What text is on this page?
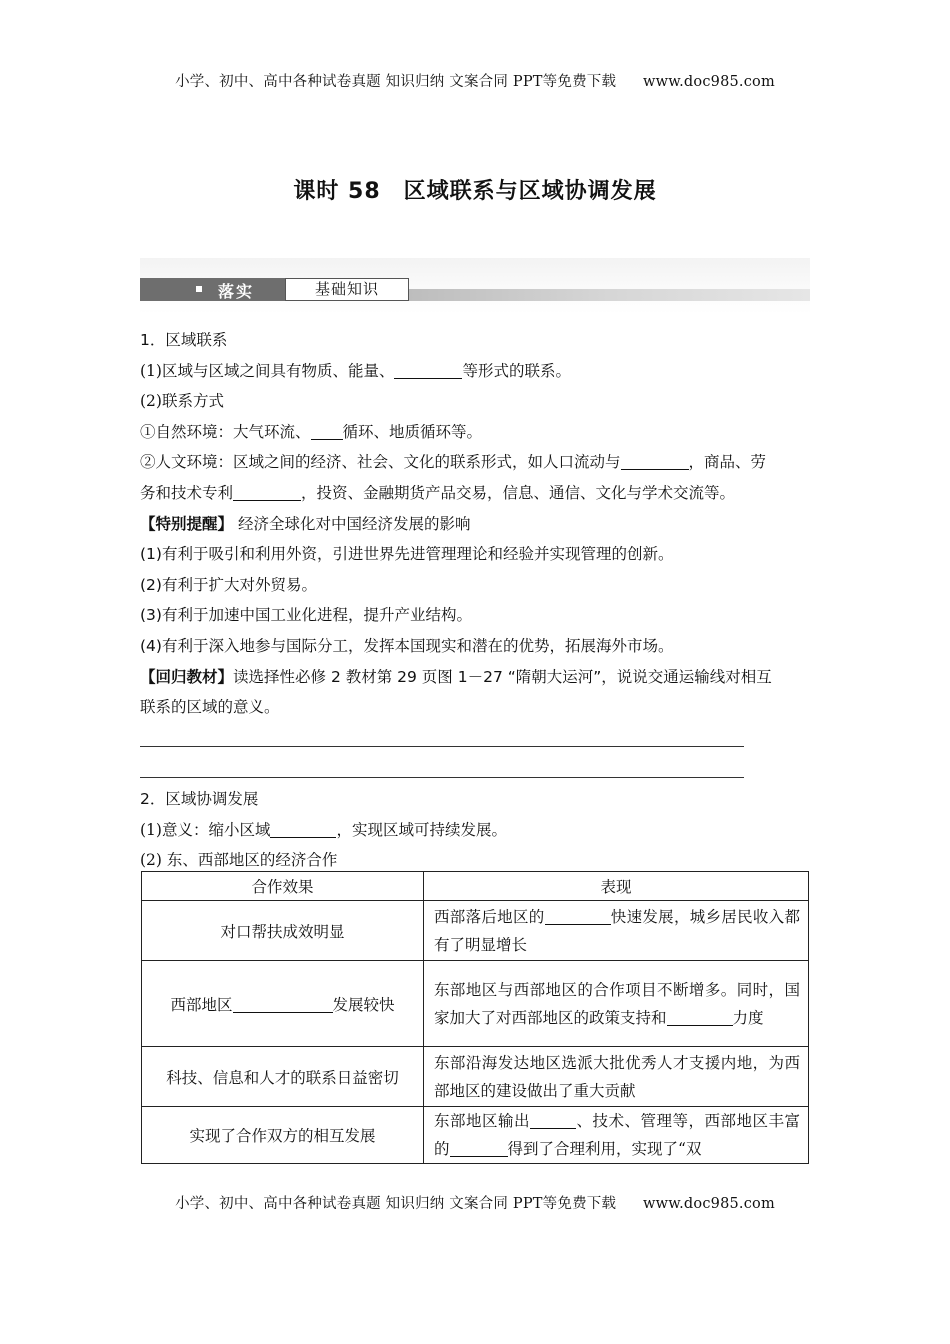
小学、初中、高中各种试卷真题 知识归纳 文案合同 PPT等免费下载 www.doc985.com
课时 58　区域联系与区域协调发展
落实	基础知识
1．区域联系
(1)区域与区域之间具有物质、能量、	等形式的联系。
(2)联系方式
①自然环境：大气环流、 循环、地质循环等。
②人文环境：区域之间的经济、社会、文化的联系形式，如人口流动与	，商品、劳
务和技术专利	，投资、金融期货产品交易，信息、通信、文化与学术交流等。
【特别提醒】 经济全球化对中国经济发展的影响
(1)有利于吸引和利用外资，引进世界先进管理理论和经验并实现管理的创新。
(2)有利于扩大对外贸易。
(3)有利于加速中国工业化进程，提升产业结构。
(4)有利于深入地参与国际分工，发挥本国现实和潜在的优势，拓展海外市场。
【回归教材】读选择性必修 2 教材第 29 页图 1－27 “隋朝大运河”，说说交通运输线对相互
联系的区域的意义。
2．区域协调发展
(1)意义：缩小区域	，实现区域可持续发展。
(2) 东、西部地区的经济合作
合作效果	表现
对口帮扶成效明显	西部落后地区的 快速发展，城乡居民收入都有了明显增长
西部地区 发展较快	东部地区与西部地区的合作项目不断增多。同时，国家加大了对西部地区的政策支持和 力度
科技、信息和人才的联系日益密切	东部沿海发达地区选派大批优秀人才支援内地，为西部地区的建设做出了重大贡献
实现了合作双方的相互发展	东部地区输出 、技术、管理等，西部地区丰富的 得到了合理利用，实现了“双
小学、初中、高中各种试卷真题 知识归纳 文案合同 PPT等免费下载 www.doc985.com
